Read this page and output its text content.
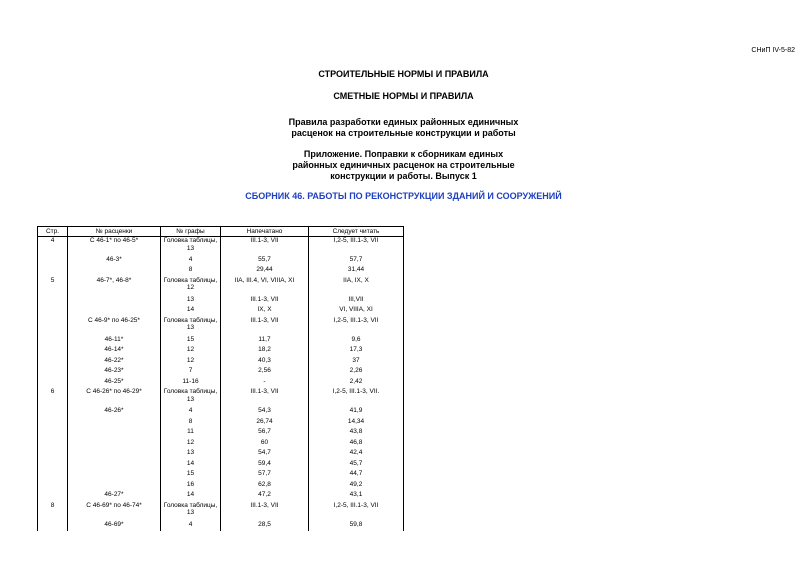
СНиП IV-5-82
СТРОИТЕЛЬНЫЕ НОРМЫ И ПРАВИЛА
СМЕТНЫЕ НОРМЫ И ПРАВИЛА
Правила разработки единых районных единичных
расценок на строительные конструкции и работы
Приложение. Поправки к сборникам единых
районных единичных расценок на строительные
конструкции и работы. Выпуск 1
СБОРНИК 46. РАБОТЫ ПО РЕКОНСТРУКЦИИ ЗДАНИЙ И СООРУЖЕНИЙ
Стр.	№ расценки	№ графы	Напечатано	Следует читать
4	С 46-1* по 46-5*	Головка таблицы, 13	III.1-3, VII	I,2-5, III.1-3, VII
	46-3*	4	55,7	57,7
		8	29,44	31,44
5	46-7*, 46-8*	Головка таблицы, 12	IIA, III.4, VI, VIIIA, XI	IIA, IX, X
		13	III.1-3, VII	III,VII
		14	IX, X	VI, VIIIA, XI
	С 46-9* по 46-25*	Головка таблицы, 13	III.1-3, VII	I,2-5, III.1-3, VII
	46-11*	15	11,7	9,6
	46-14*	12	18,2	17,3
	46-22*	12	40,3	37
	46-23*	7	2,56	2,26
	46-25*	11-16	-	2,42
6	С 46-26* по 46-29*	Головка таблицы, 13	III.1-3, VII	I,2-5, III.1-3, VII.
	46-26*	4	54,3	41,9
		8	26,74	14,34
		11	56,7	43,8
		12	60	46,8
		13	54,7	42,4
		14	59,4	45,7
		15	57,7	44,7
		16	62,8	49,2
	46-27*	14	47,2	43,1
8	С 46-69* по 46-74*	Головка таблицы, 13	III.1-3, VII	I,2-5, III.1-3, VII
	46-69*	4	28,5	59,8
